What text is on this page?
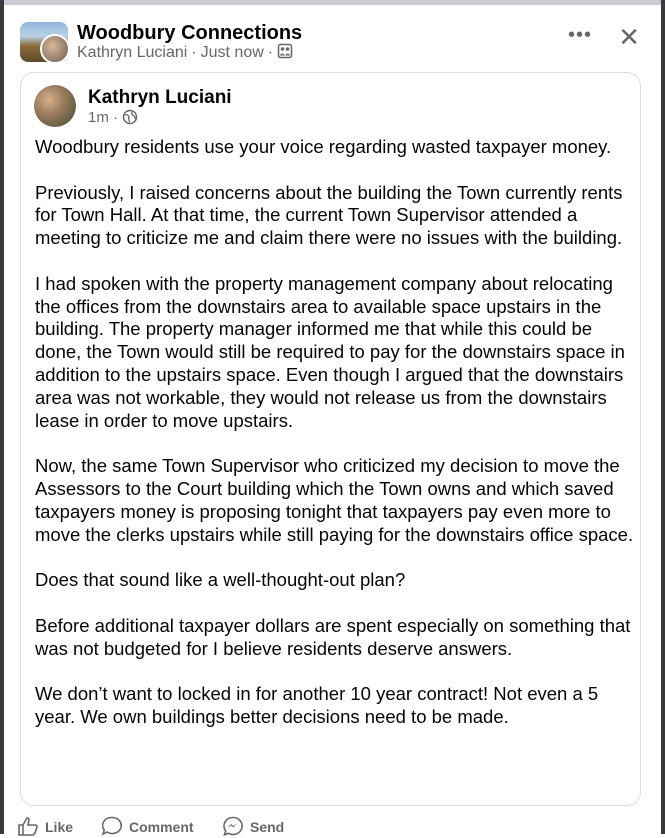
Woodbury Connections
Kathryn Luciani · Just now ·
••• ✕
Kathryn Luciani
1m ·

Woodbury residents use your voice regarding wasted taxpayer money.

Previously, I raised concerns about the building the Town currently rents for Town Hall. At that time, the current Town Supervisor attended a meeting to criticize me and claim there were no issues with the building.

I had spoken with the property management company about relocating the offices from the downstairs area to available space upstairs in the building. The property manager informed me that while this could be done, the Town would still be required to pay for the downstairs space in addition to the upstairs space. Even though I argued that the downstairs area was not workable, they would not release us from the downstairs lease in order to move upstairs.

Now, the same Town Supervisor who criticized my decision to move the Assessors to the Court building which the Town owns and which saved taxpayers money is proposing tonight that taxpayers pay even more to move the clerks upstairs while still paying for the downstairs office space.

Does that sound like a well-thought-out plan?

Before additional taxpayer dollars are spent especially on something that was not budgeted for I believe residents deserve answers.

We don’t want to locked in for another 10 year contract! Not even a 5 year. We own buildings better decisions need to be made.

Like	Comment	Send
